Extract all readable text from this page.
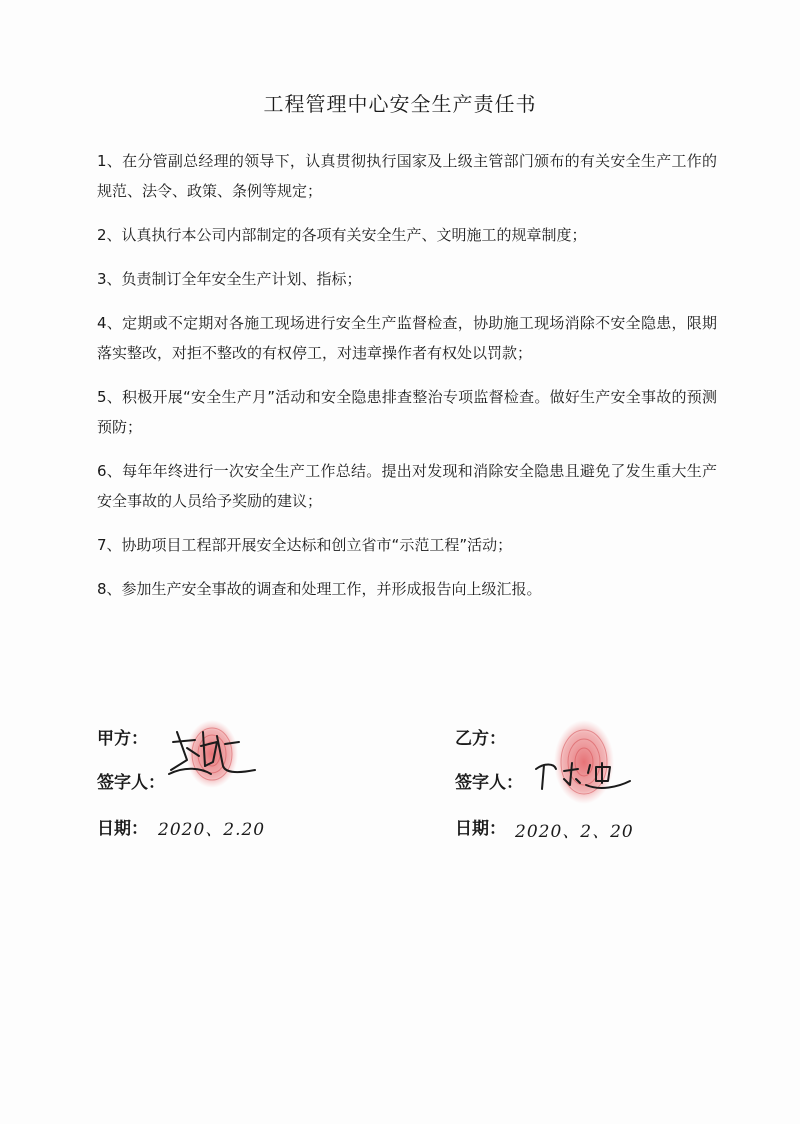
工程管理中心安全生产责任书

1、在分管副总经理的领导下，认真贯彻执行国家及上级主管部门颁布的有关安全生产工作的规范、法令、政策、条例等规定；

2、认真执行本公司内部制定的各项有关安全生产、文明施工的规章制度；

3、负责制订全年安全生产计划、指标；

4、定期或不定期对各施工现场进行安全生产监督检查，协助施工现场消除不安全隐患，限期落实整改，对拒不整改的有权停工，对违章操作者有权处以罚款；

5、积极开展“安全生产月”活动和安全隐患排查整治专项监督检查。做好生产安全事故的预测预防；

6、每年年终进行一次安全生产工作总结。提出对发现和消除安全隐患且避免了发生重大生产安全事故的人员给予奖励的建议；

7、协助项目工程部开展安全达标和创立省市“示范工程”活动；

8、参加生产安全事故的调查和处理工作，并形成报告向上级汇报。

甲方：
签字人：
日期： 2020、2.20
乙方：
签字人：
日期： 2020、2、20
